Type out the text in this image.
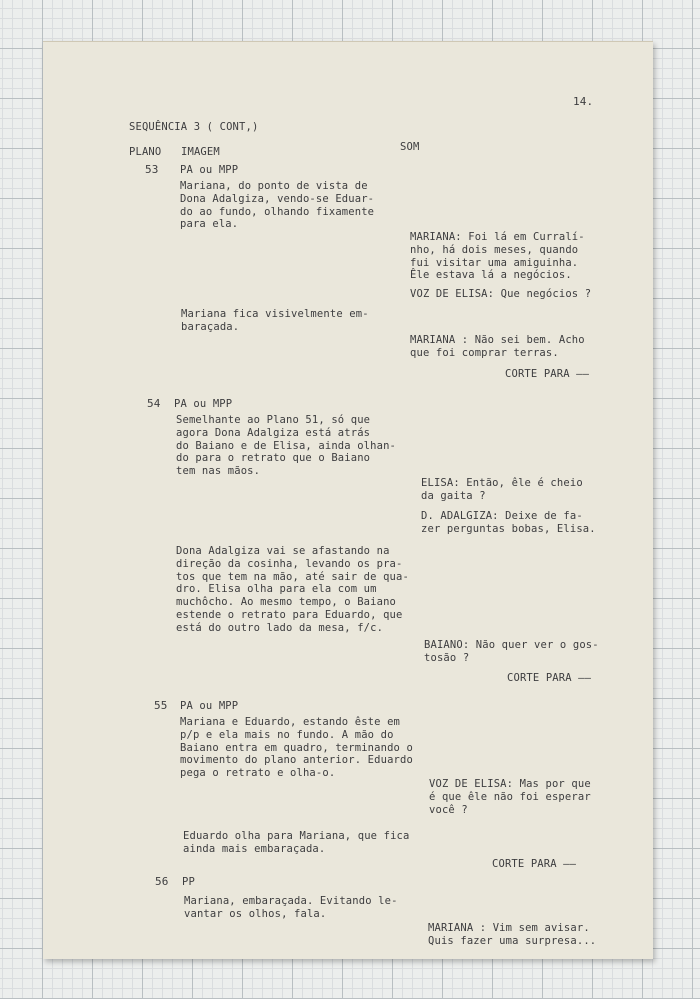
14.
SEQUÊNCIA 3 ( CONT,)
PLANO IMAGEM	SOM
53 PA ou MPP
Mariana, do ponto de vista de
Dona Adalgiza, vendo-se Eduar-
do ao fundo, olhando fixamente
para ela.
MARIANA: Foi lá em Curralí-
nho, há dois meses, quando
fui visitar uma amiguinha.
Êle estava lá a negócios.
VOZ DE ELISA: Que negócios ?
Mariana fica visivelmente em-
baraçada.
MARIANA : Não sei bem. Acho
que foi comprar terras.
CORTE PARA ——
54 PA ou MPP
Semelhante ao Plano 51, só que
agora Dona Adalgiza está atrás
do Baiano e de Elisa, ainda olhan-
do para o retrato que o Baiano
tem nas mãos.
ELISA: Então, êle é cheio
da gaita ?
D. ADALGIZA: Deixe de fa-
zer perguntas bobas, Elisa.
Dona Adalgiza vai se afastando na
direção da cosinha, levando os pra-
tos que tem na mão, até sair de qua-
dro. Elisa olha para ela com um
muchôcho. Ao mesmo tempo, o Baiano
estende o retrato para Eduardo, que
está do outro lado da mesa, f/c.
BAIANO: Não quer ver o gos-
tosão ?
CORTE PARA ——
55 PA ou MPP
Mariana e Eduardo, estando êste em
p/p e ela mais no fundo. A mão do
Baiano entra em quadro, terminando o
movimento do plano anterior. Eduardo
pega o retrato e olha-o.
VOZ DE ELISA: Mas por que
é que êle não foi esperar
você ?
Eduardo olha para Mariana, que fica
ainda mais embaraçada.
CORTE PARA ——
56 PP
Mariana, embaraçada. Evitando le-
vantar os olhos, fala.
MARIANA : Vim sem avisar.
Quis fazer uma surpresa...
